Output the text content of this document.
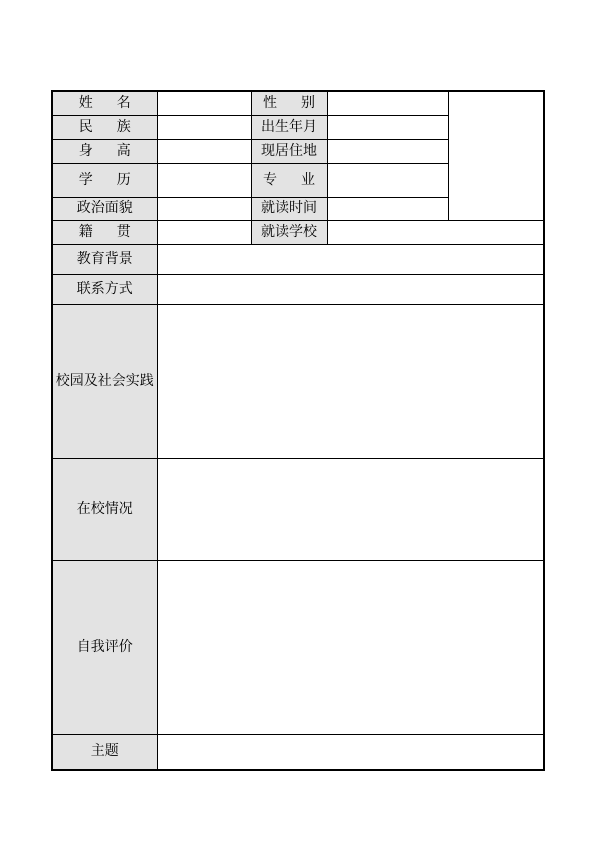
姓 名		性 别		
民 族		出生年月		
身 高		现居住地		
学 历		专 业		
政治面貌		就读时间		
籍 贯		就读学校		
教育背景				
联系方式				
校园及社会实践				
在校情况				
自我评价				
主题				
